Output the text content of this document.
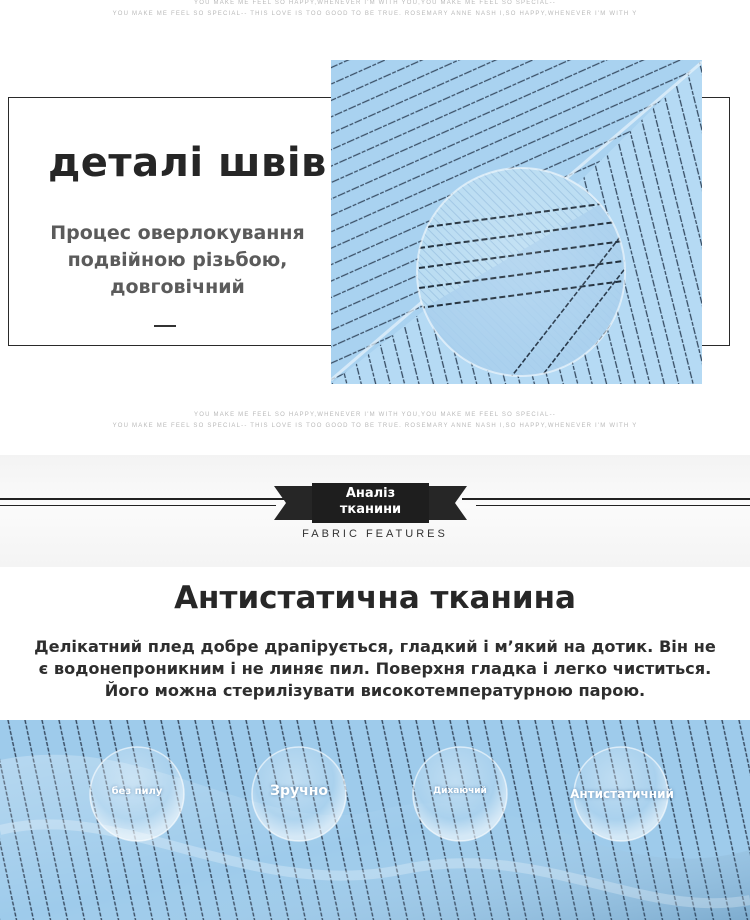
YOU MAKE ME FEEL SO HAPPY,WHENEVER I'M WITH YOU,YOU MAKE ME FEEL SO SPECIAL--
YOU MAKE ME FEEL SO SPECIAL-- THIS LOVE IS TOO GOOD TO BE TRUE. ROSEMARY ANNE NASH I,SO HAPPY,WHENEVER I'M WITH Y
деталі швів
Процес оверлокування подвійною різьбою, довговічний
YOU MAKE ME FEEL SO HAPPY,WHENEVER I'M WITH YOU,YOU MAKE ME FEEL SO SPECIAL--
YOU MAKE ME FEEL SO SPECIAL-- THIS LOVE IS TOO GOOD TO BE TRUE. ROSEMARY ANNE NASH I,SO HAPPY,WHENEVER I'M WITH Y
Аналіз
тканини
FABRIC FEATURES
Антистатична тканина
Делікатний плед добре драпірується, гладкий і м’який на дотик. Він не
є водонепроникним і не линяє пил. Поверхня гладка і легко чиститься.
Його можна стерилізувати високотемпературною парою.
без пилу	Зручно	Дихаючий	Антистатичний
